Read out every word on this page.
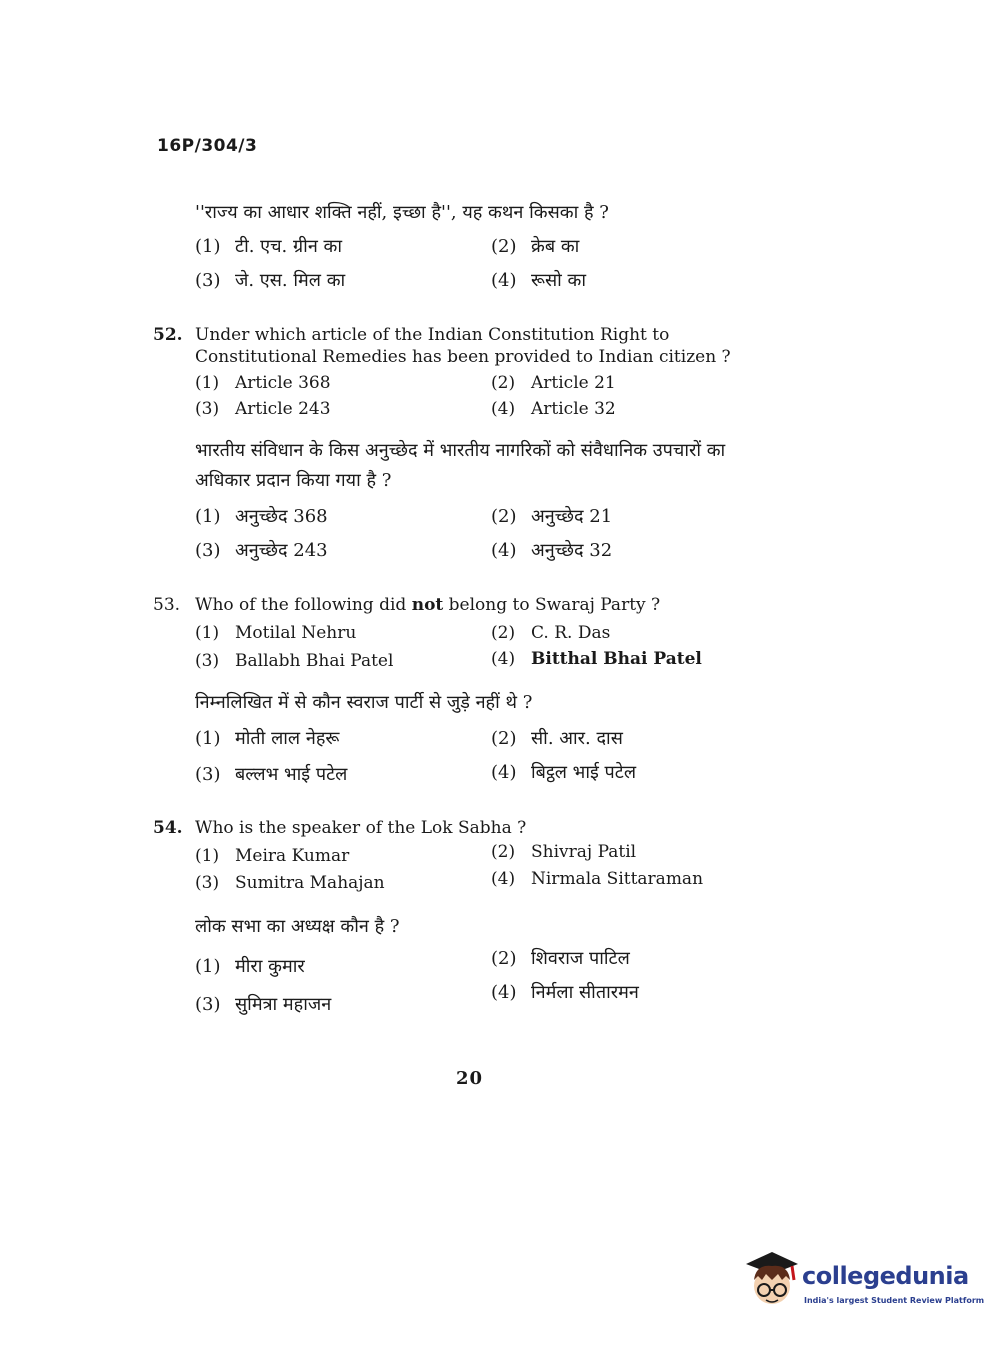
16P/304/3
''राज्य का आधार शक्ति नहीं, इच्छा है'', यह कथन किसका है ?
(1) टी. एच. ग्रीन का	(2) क्रेब का
(3) जे. एस. मिल का	(4) रूसो का
52. Under which article of the Indian Constitution Right to Constitutional Remedies has been provided to Indian citizen ?
(1) Article 368	(2) Article 21
(3) Article 243	(4) Article 32
भारतीय संविधान के किस अनुच्छेद में भारतीय नागरिकों को संवैधानिक उपचारों का अधिकार प्रदान किया गया है ?
(1) अनुच्छेद 368	(2) अनुच्छेद 21
(3) अनुच्छेद 243	(4) अनुच्छेद 32
53. Who of the following did not belong to Swaraj Party ?
(1) Motilal Nehru	(2) C. R. Das
(3) Ballabh Bhai Patel	(4) Bitthal Bhai Patel
निम्नलिखित में से कौन स्वराज पार्टी से जुड़े नहीं थे ?
(1) मोती लाल नेहरू	(2) सी. आर. दास
(3) बल्लभ भाई पटेल	(4) बिट्ठल भाई पटेल
54. Who is the speaker of the Lok Sabha ?
(1) Meira Kumar	(2) Shivraj Patil
(3) Sumitra Mahajan	(4) Nirmala Sittaraman
लोक सभा का अध्यक्ष कौन है ?
(1) मीरा कुमार	(2) शिवराज पाटिल
(3) सुमित्रा महाजन
(4) निर्मला सीतारमन
20
collegedunia
India's largest Student Review Platform
